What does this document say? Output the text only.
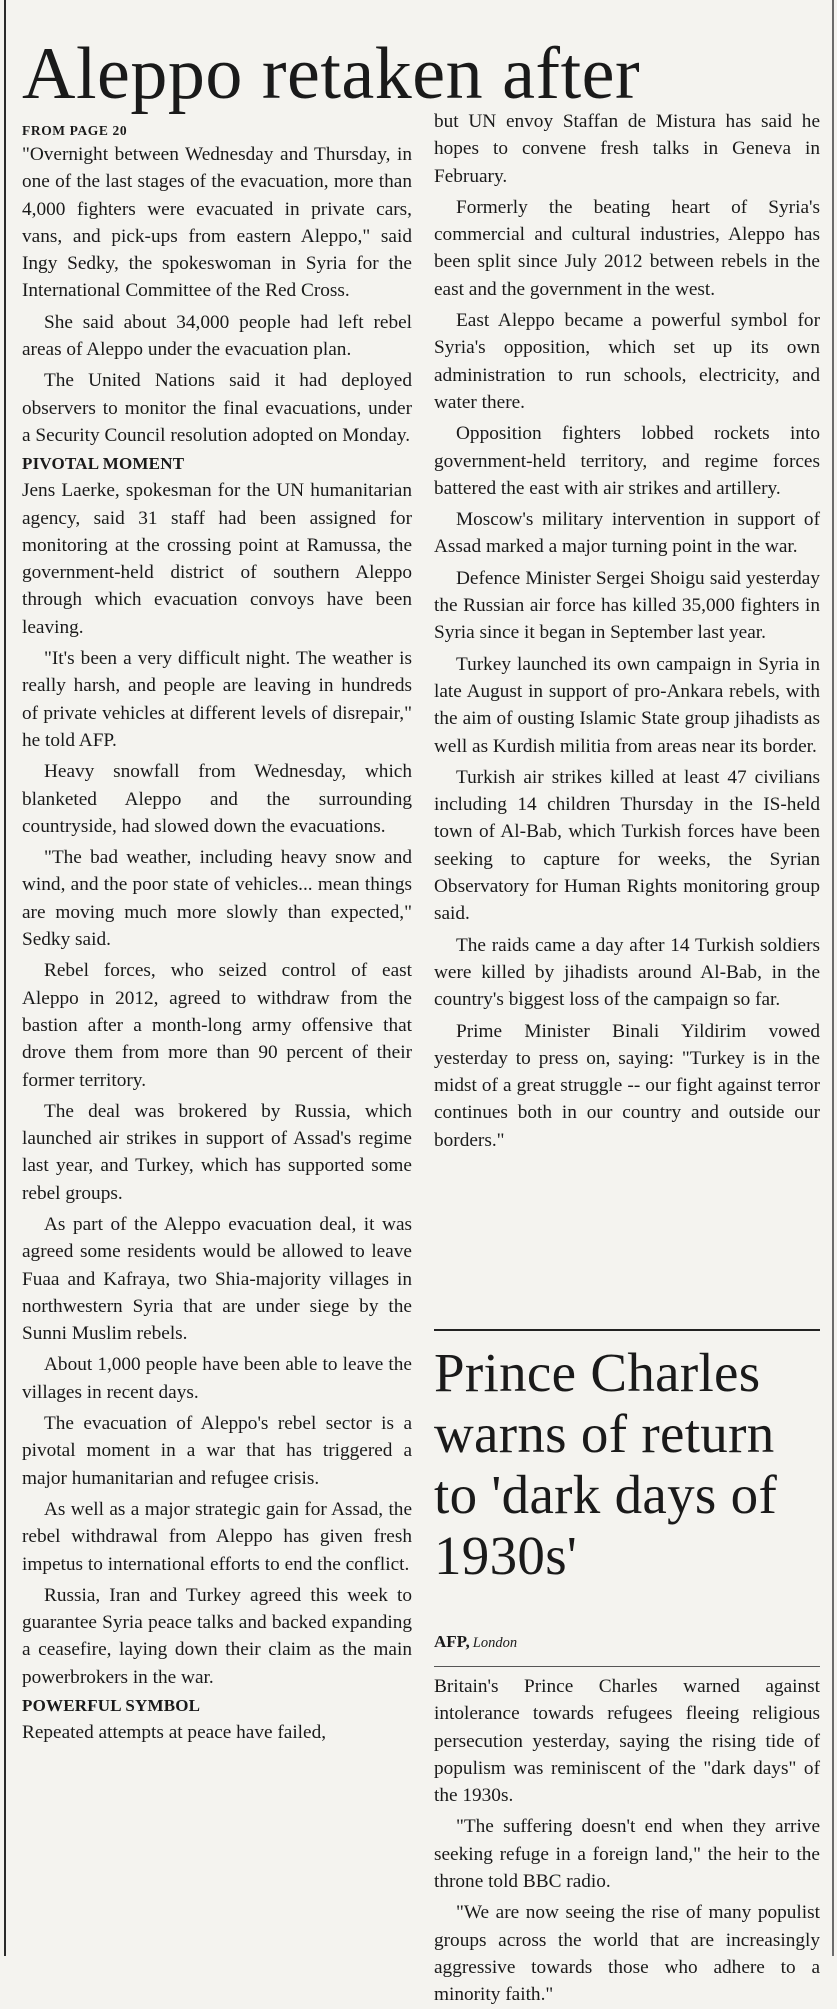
Aleppo retaken after
FROM PAGE 20

"Overnight between Wednesday and Thursday, in one of the last stages of the evacuation, more than 4,000 fighters were evacuated in private cars, vans, and pick-ups from eastern Aleppo," said Ingy Sedky, the spokeswoman in Syria for the International Committee of the Red Cross.

She said about 34,000 people had left rebel areas of Aleppo under the evacuation plan.

The United Nations said it had deployed observers to monitor the final evacuations, under a Security Council resolution adopted on Monday.

PIVOTAL MOMENT

Jens Laerke, spokesman for the UN humanitarian agency, said 31 staff had been assigned for monitoring at the crossing point at Ramussa, the government-held district of southern Aleppo through which evacuation convoys have been leaving.

"It's been a very difficult night. The weather is really harsh, and people are leaving in hundreds of private vehicles at different levels of disrepair," he told AFP.

Heavy snowfall from Wednesday, which blanketed Aleppo and the surrounding countryside, had slowed down the evacuations.

"The bad weather, including heavy snow and wind, and the poor state of vehicles... mean things are moving much more slowly than expected," Sedky said.

Rebel forces, who seized control of east Aleppo in 2012, agreed to withdraw from the bastion after a month-long army offensive that drove them from more than 90 percent of their former territory.

The deal was brokered by Russia, which launched air strikes in support of Assad's regime last year, and Turkey, which has supported some rebel groups.

As part of the Aleppo evacuation deal, it was agreed some residents would be allowed to leave Fuaa and Kafraya, two Shia-majority villages in northwestern Syria that are under siege by the Sunni Muslim rebels.

About 1,000 people have been able to leave the villages in recent days.

The evacuation of Aleppo's rebel sector is a pivotal moment in a war that has triggered a major humanitarian and refugee crisis.

As well as a major strategic gain for Assad, the rebel withdrawal from Aleppo has given fresh impetus to international efforts to end the conflict.

Russia, Iran and Turkey agreed this week to guarantee Syria peace talks and backed expanding a ceasefire, laying down their claim as the main powerbrokers in the war.

POWERFUL SYMBOL

Repeated attempts at peace have failed,

but UN envoy Staffan de Mistura has said he hopes to convene fresh talks in Geneva in February.

Formerly the beating heart of Syria's commercial and cultural industries, Aleppo has been split since July 2012 between rebels in the east and the government in the west.

East Aleppo became a powerful symbol for Syria's opposition, which set up its own administration to run schools, electricity, and water there.

Opposition fighters lobbed rockets into government-held territory, and regime forces battered the east with air strikes and artillery.

Moscow's military intervention in support of Assad marked a major turning point in the war.

Defence Minister Sergei Shoigu said yesterday the Russian air force has killed 35,000 fighters in Syria since it began in September last year.

Turkey launched its own campaign in Syria in late August in support of pro-Ankara rebels, with the aim of ousting Islamic State group jihadists as well as Kurdish militia from areas near its border.

Turkish air strikes killed at least 47 civilians including 14 children Thursday in the IS-held town of Al-Bab, which Turkish forces have been seeking to capture for weeks, the Syrian Observatory for Human Rights monitoring group said.

The raids came a day after 14 Turkish soldiers were killed by jihadists around Al-Bab, in the country's biggest loss of the campaign so far.

Prime Minister Binali Yildirim vowed yesterday to press on, saying: "Turkey is in the midst of a great struggle -- our fight against terror continues both in our country and outside our borders."

Prince Charles warns of return to 'dark days of 1930s'
AFP, London

Britain's Prince Charles warned against intolerance towards refugees fleeing religious persecution yesterday, saying the rising tide of populism was reminiscent of the "dark days" of the 1930s.

"The suffering doesn't end when they arrive seeking refuge in a foreign land," the heir to the throne told BBC radio.

"We are now seeing the rise of many populist groups across the world that are increasingly aggressive towards those who adhere to a minority faith."
